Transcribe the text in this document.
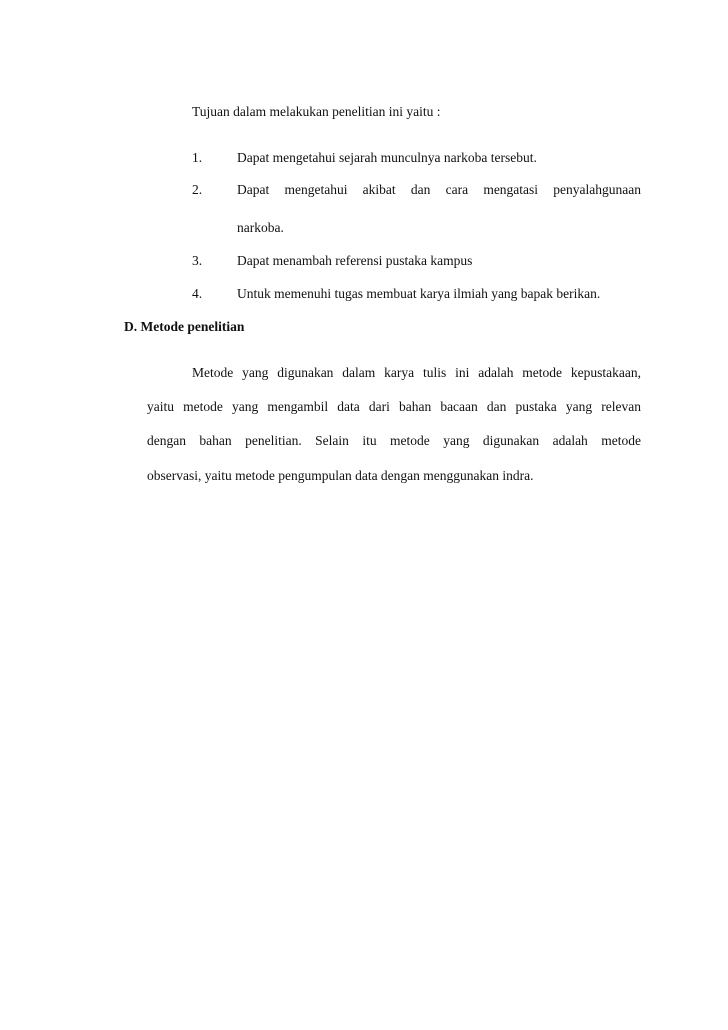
Tujuan dalam melakukan penelitian ini yaitu :
1.	Dapat mengetahui sejarah munculnya narkoba tersebut.
2.	Dapat mengetahui akibat dan cara mengatasi penyalahgunaan
narkoba.
3.	Dapat menambah referensi pustaka kampus
4.	Untuk memenuhi tugas membuat karya ilmiah yang bapak berikan.
D. Metode penelitian
Metode yang digunakan dalam karya tulis ini adalah metode kepustakaan,
yaitu metode yang mengambil data dari bahan bacaan dan pustaka yang relevan
dengan bahan penelitian. Selain itu metode yang digunakan adalah metode
observasi, yaitu metode pengumpulan data dengan menggunakan indra.
